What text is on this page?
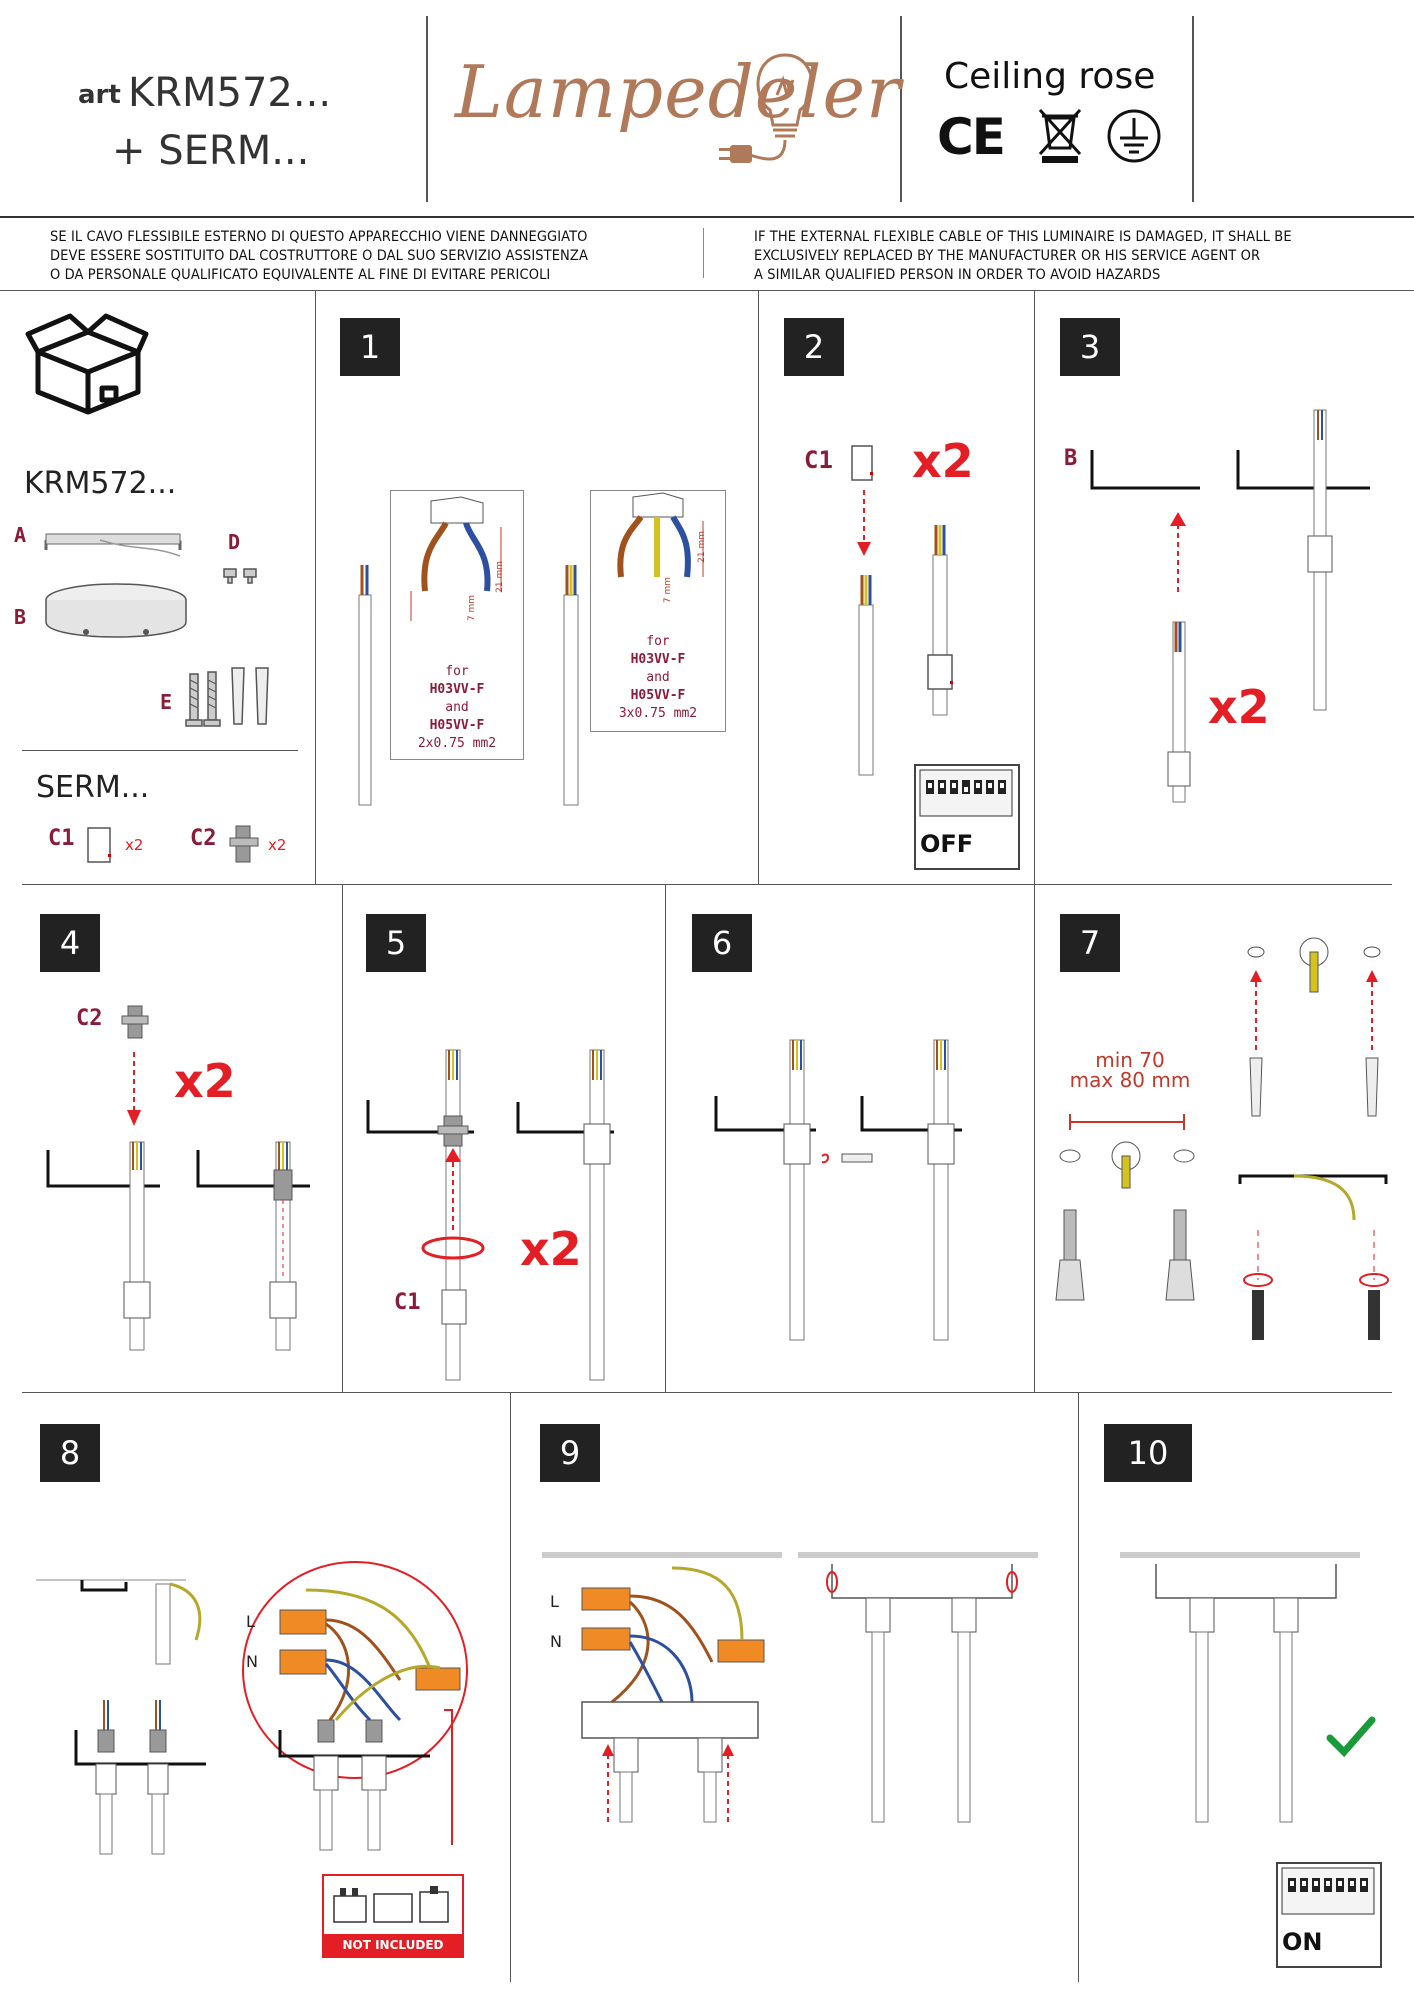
art KRM572...
+ SERM...
Lampedeler Ceiling rose
CE
SE IL CAVO FLESSIBILE ESTERNO DI QUESTO APPARECCHIO VIENE DANNEGGIATO
DEVE ESSERE SOSTITUITO DAL COSTRUTTORE O DAL SUO SERVIZIO ASSISTENZA
O DA PERSONALE QUALIFICATO EQUIVALENTE AL FINE DI EVITARE PERICOLI
IF THE EXTERNAL FLEXIBLE CABLE OF THIS LUMINAIRE IS DAMAGED, IT SHALL BE
EXCLUSIVELY REPLACED BY THE MANUFACTURER OR HIS SERVICE AGENT OR
A SIMILAR QUALIFIED PERSON IN ORDER TO AVOID HAZARDS
KRM572...
A	D
B
E
SERM...
C1	x2 C2	x2
1	2	3
4	5	6	7
8	9	10
21 mm
7 mm
for
H03VV-F
and
H05VV-F
2x0.75 mm2
21 mm
7 mm
for
H03VV-F
and
H05VV-F
3x0.75 mm2
C1 x2
OFF
B
x2
C2
x2
x2
C1
min 70
max 80 mm
L
N
NOT INCLUDED
L
N
ON
